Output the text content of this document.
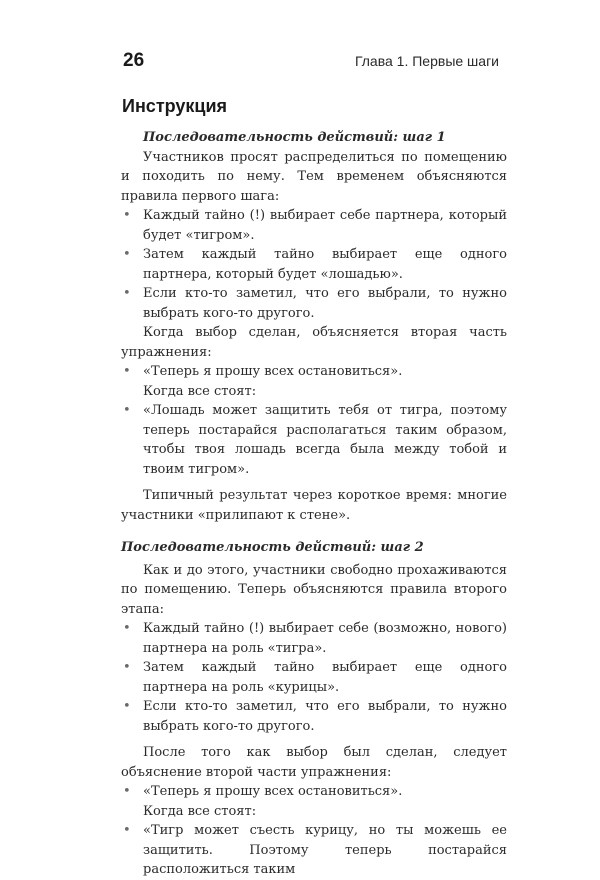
26	Глава 1. Первые шаги
Инструкция
Последовательность действий: шаг 1

Участников просят распределиться по помещению и походить по нему. Тем временем объясняются правила первого шага:

• Каждый тайно (!) выбирает себе партнера, который будет «тигром».
• Затем каждый тайно выбирает еще одного партнера, который будет «лошадью».
• Если кто-то заметил, что его выбрали, то нужно выбрать кого-то другого.

Когда выбор сделан, объясняется вторая часть упражнения:

• «Теперь я прошу всех остановиться».

Когда все стоят:

• «Лошадь может защитить тебя от тигра, поэтому теперь постарайся располагаться таким образом, чтобы твоя лошадь всегда была между тобой и твоим тигром».

Типичный результат через короткое время: многие участники «прилипают к стене».

Последовательность действий: шаг 2

Как и до этого, участники свободно прохаживаются по помещению. Теперь объясняются правила второго этапа:

• Каждый тайно (!) выбирает себе (возможно, нового) партнера на роль «тигра».
• Затем каждый тайно выбирает еще одного партнера на роль «курицы».
• Если кто-то заметил, что его выбрали, то нужно выбрать кого-то другого.

После того как выбор был сделан, следует объяснение второй части упражнения:

• «Теперь я прошу всех остановиться».

Когда все стоят:

• «Тигр может съесть курицу, но ты можешь ее защитить. Поэтому теперь постарайся расположиться таким
